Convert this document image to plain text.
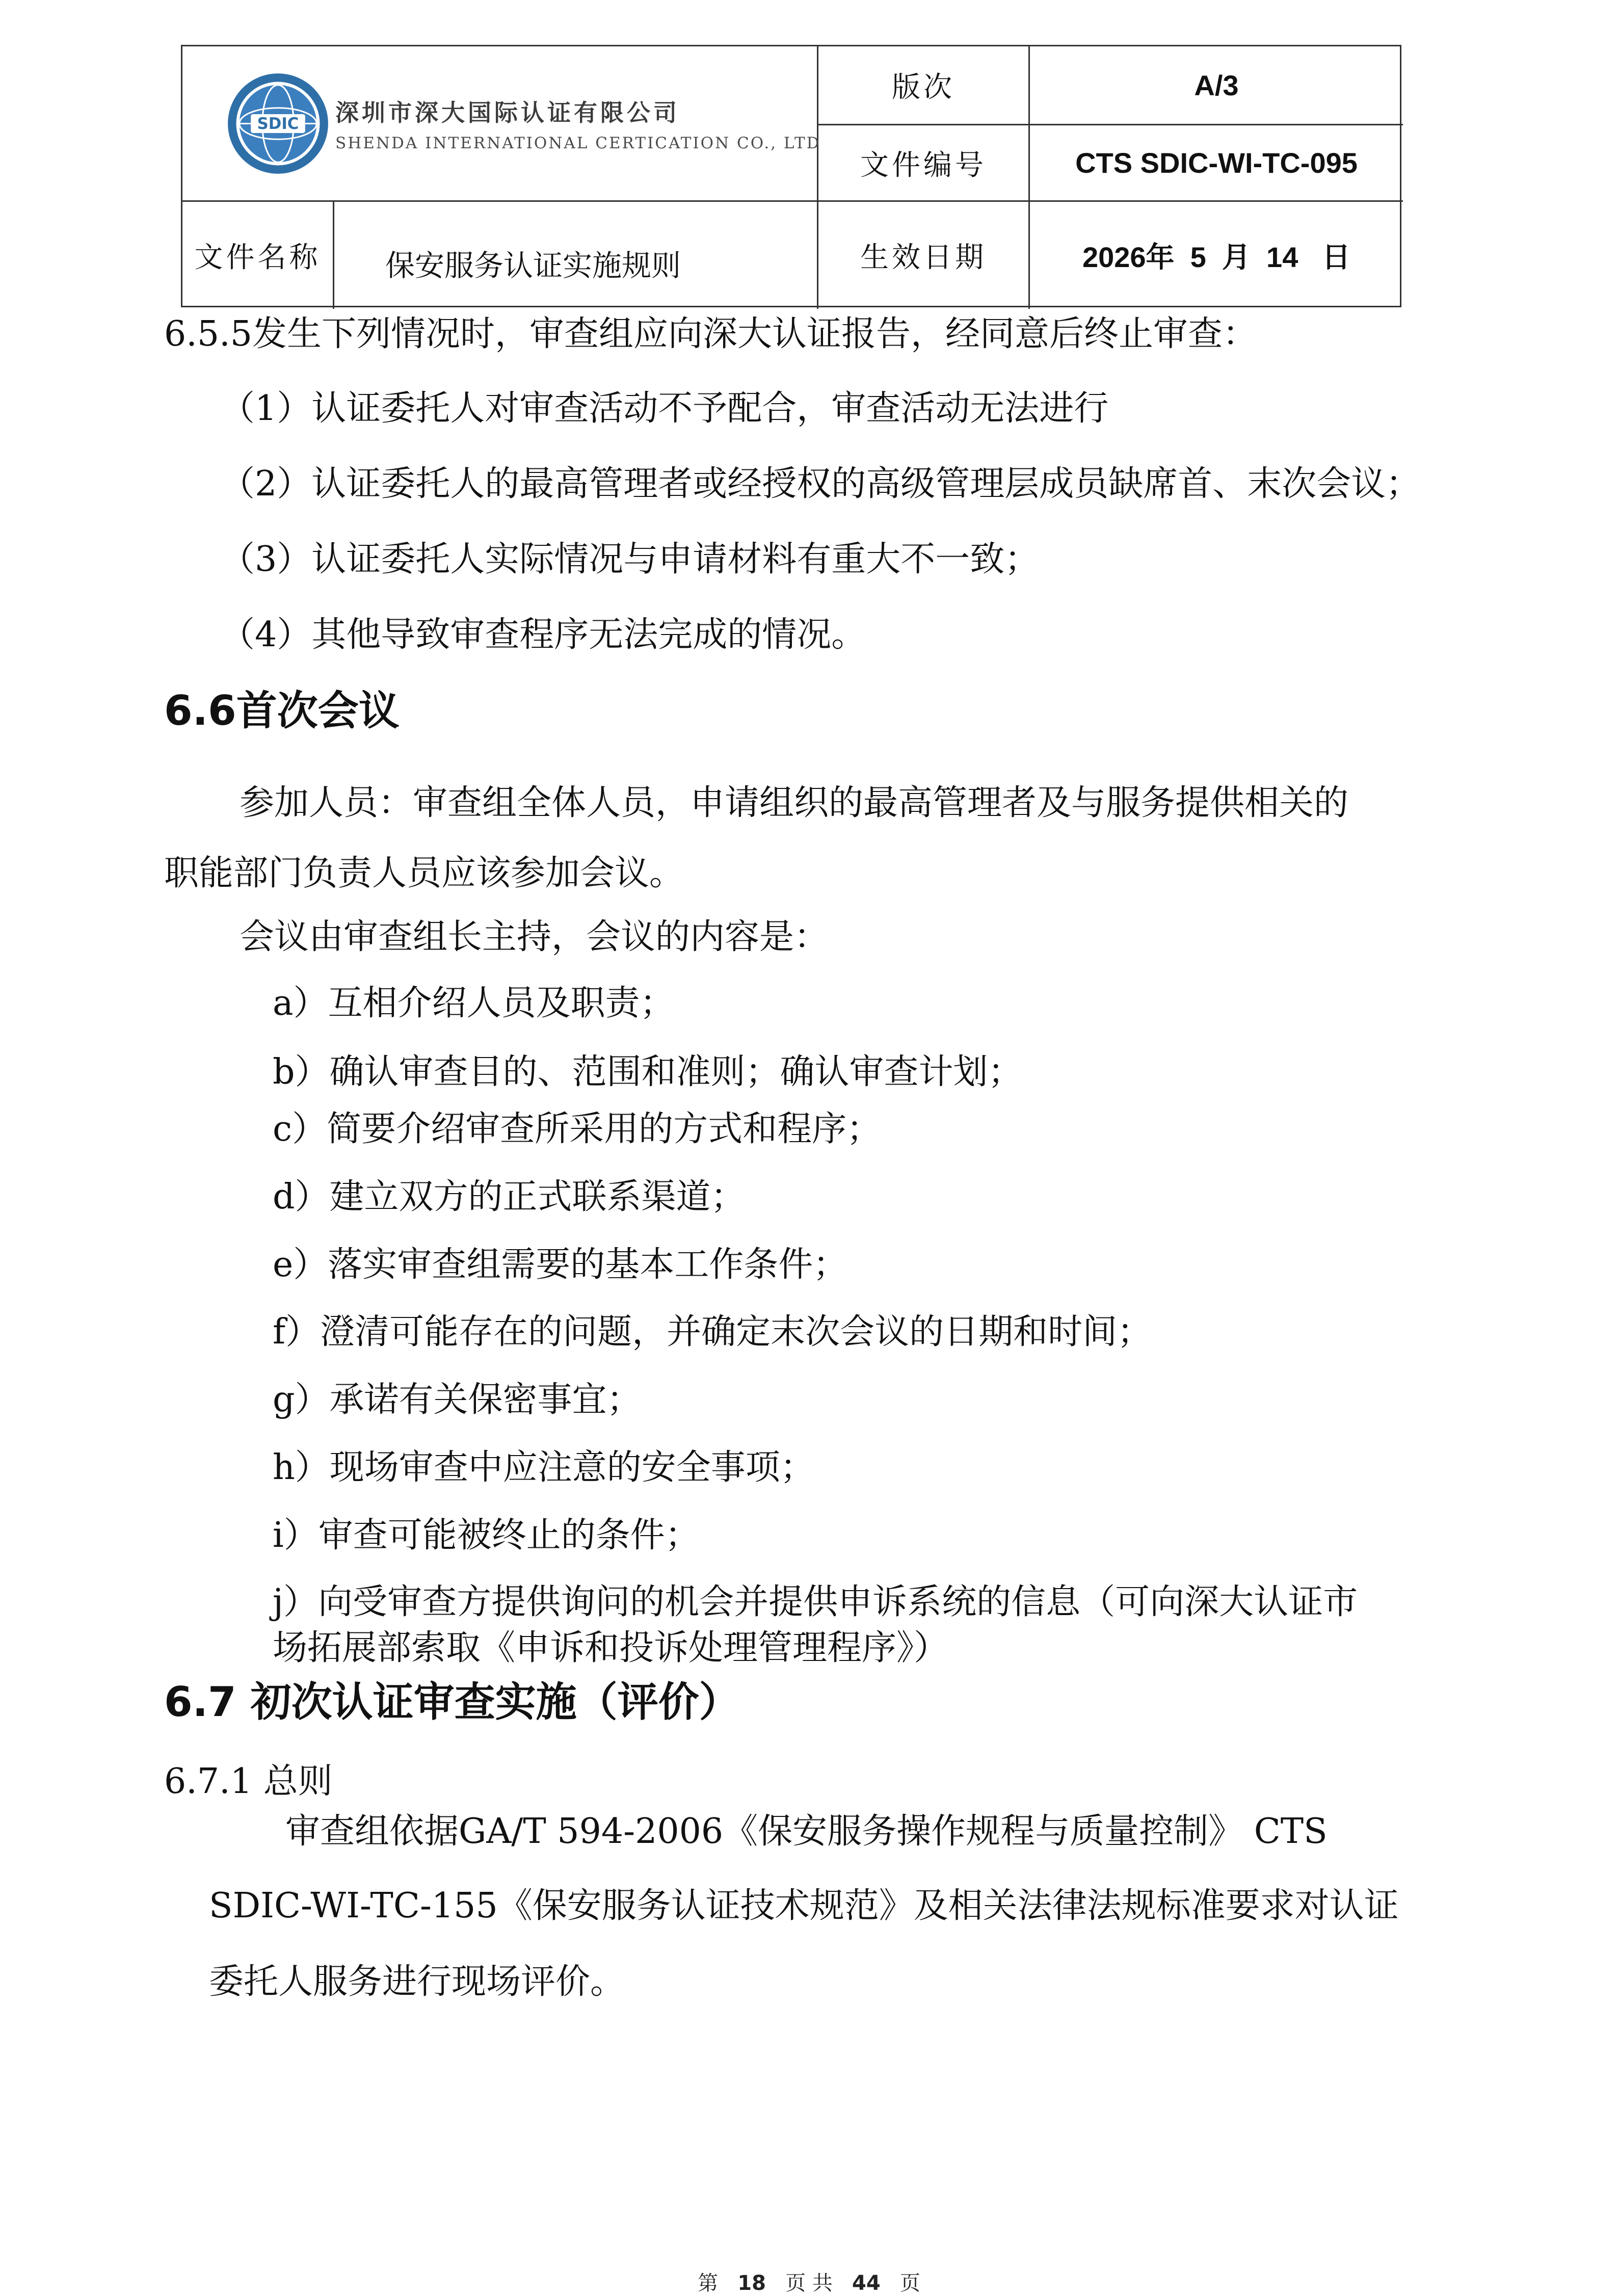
SDIC 深圳市深大国际认证有限公司
SHENDA INTERNATIONAL CERTICATION CO., LTD
版次	A/3
文件编号	CTS SDIC-WI-TC-095
文件名称	保安服务认证实施规则	生效日期	2026年  5  月  14   日
6.5.5发生下列情况时，审查组应向深大认证报告，经同意后终止审查：
（1）认证委托人对审查活动不予配合，审查活动无法进行
（2）认证委托人的最高管理者或经授权的高级管理层成员缺席首、末次会议；
（3）认证委托人实际情况与申请材料有重大不一致；
（4）其他导致审查程序无法完成的情况。
6.6首次会议
参加人员：审查组全体人员，申请组织的最高管理者及与服务提供相关的
职能部门负责人员应该参加会议。
会议由审查组长主持，会议的内容是：
a）互相介绍人员及职责；
b）确认审查目的、范围和准则；确认审查计划；
c）简要介绍审查所采用的方式和程序；
d）建立双方的正式联系渠道；
e）落实审查组需要的基本工作条件；
f）澄清可能存在的问题，并确定末次会议的日期和时间；
g）承诺有关保密事宜；
h）现场审查中应注意的安全事项；
i）审查可能被终止的条件；
j）向受审查方提供询问的机会并提供申诉系统的信息（可向深大认证市
场拓展部索取《申诉和投诉处理管理程序》）
6.7 初次认证审查实施（评价）
6.7.1 总则
审查组依据GA/T 594-2006《保安服务操作规程与质量控制》 CTS
SDIC-WI-TC-155《保安服务认证技术规范》及相关法律法规标准要求对认证
委托人服务进行现场评价。
第 18 页 共 44 页
